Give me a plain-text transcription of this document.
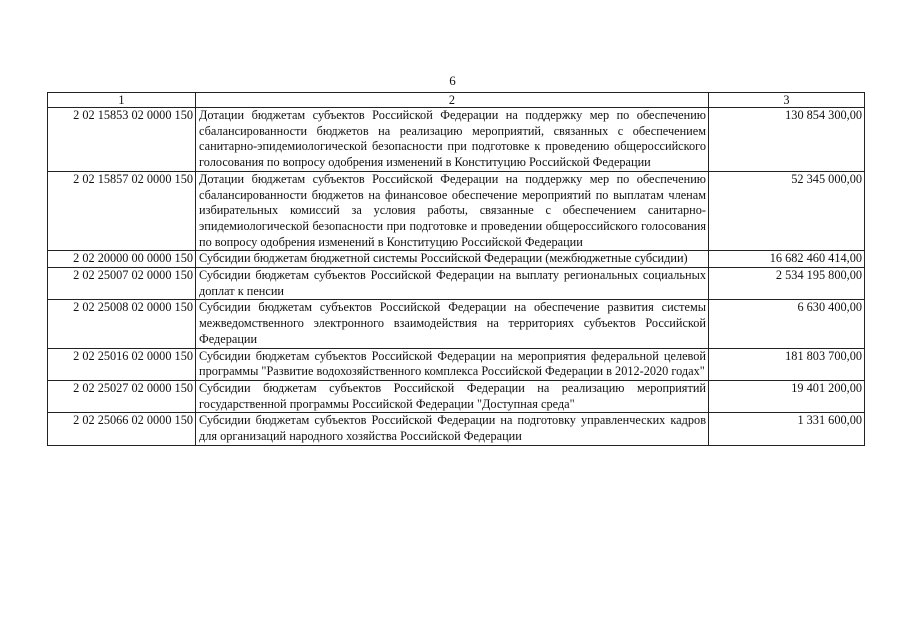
6
1	2	3
2 02 15853 02 0000 150	Дотации бюджетам субъектов Российской Федерации на поддержку мер по обеспечению сбалансированности бюджетов на реализацию мероприятий, связанных с обеспечением санитарно-эпидемиологической безопасности при подготовке к проведению общероссийского голосования по вопросу одобрения изменений в Конституцию Российской Федерации	130 854 300,00
2 02 15857 02 0000 150	Дотации бюджетам субъектов Российской Федерации на поддержку мер по обеспечению сбалансированности бюджетов на финансовое обеспечение мероприятий по выплатам членам избирательных комиссий за условия работы, связанные с обеспечением санитарно-эпидемиологической безопасности при подготовке и проведении общероссийского голосования по вопросу одобрения изменений в Конституцию Российской Федерации	52 345 000,00
2 02 20000 00 0000 150	Субсидии бюджетам бюджетной системы Российской Федерации (межбюджетные субсидии)	16 682 460 414,00
2 02 25007 02 0000 150	Субсидии бюджетам субъектов Российской Федерации на выплату региональных социальных доплат к пенсии	2 534 195 800,00
2 02 25008 02 0000 150	Субсидии бюджетам субъектов Российской Федерации на обеспечение развития системы межведомственного электронного взаимодействия на территориях субъектов Российской Федерации	6 630 400,00
2 02 25016 02 0000 150	Субсидии бюджетам субъектов Российской Федерации на мероприятия федеральной целевой программы "Развитие водохозяйственного комплекса Российской Федерации в 2012-2020 годах"	181 803 700,00
2 02 25027 02 0000 150	Субсидии бюджетам субъектов Российской Федерации на реализацию мероприятий государственной программы Российской Федерации "Доступная среда"	19 401 200,00
2 02 25066 02 0000 150	Субсидии бюджетам субъектов Российской Федерации на подготовку управленческих кадров для организаций народного хозяйства Российской Федерации	1 331 600,00
